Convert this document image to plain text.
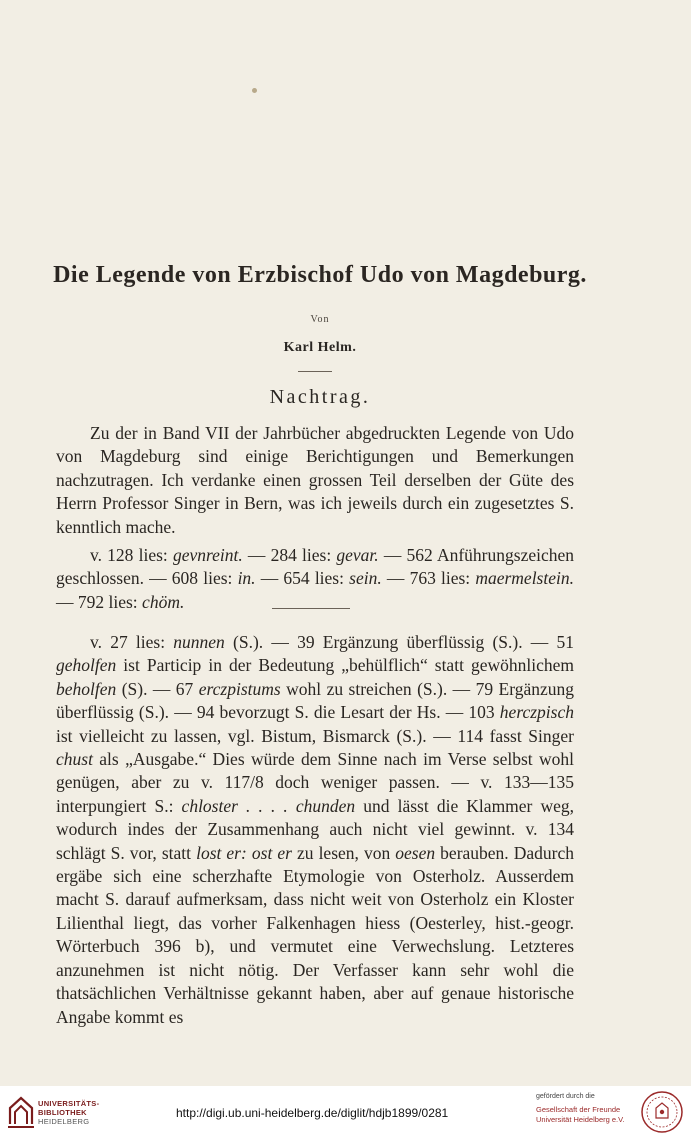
Die Legende von Erzbischof Udo von Magdeburg.
Von
Karl Helm.
Nachtrag.
Zu der in Band VII der Jahrbücher abgedruckten Legende von Udo von Magdeburg sind einige Berichtigungen und Bemerkungen nachzutragen. Ich verdanke einen grossen Teil derselben der Güte des Herrn Professor Singer in Bern, was ich jeweils durch ein zugesetztes S. kenntlich mache.
v. 128 lies: gevnreint. — 284 lies: gevar. — 562 Anführungszeichen geschlossen. — 608 lies: in. — 654 lies: sein. — 763 lies: maermelstein. — 792 lies: chöm.
v. 27 lies: nunnen (S.). — 39 Ergänzung überflüssig (S.). — 51 geholfen ist Particip in der Bedeutung „behülflich“ statt gewöhnlichem beholfen (S). — 67 erczpistums wohl zu streichen (S.). — 79 Ergänzung überflüssig (S.). — 94 bevorzugt S. die Lesart der Hs. — 103 herczpisch ist vielleicht zu lassen, vgl. Bistum, Bismarck (S.). — 114 fasst Singer chust als „Ausgabe.“ Dies würde dem Sinne nach im Verse selbst wohl genügen, aber zu v. 117/8 doch weniger passen. — v. 133—135 interpungiert S.: chloster . . . . chunden und lässt die Klammer weg, wodurch indes der Zusammenhang auch nicht viel gewinnt. v. 134 schlägt S. vor, statt lost er: ost er zu lesen, von oesen berauben. Dadurch ergäbe sich eine scherzhafte Etymologie von Osterholz. Ausserdem macht S. darauf aufmerksam, dass nicht weit von Osterholz ein Kloster Lilienthal liegt, das vorher Falkenhagen hiess (Oesterley, hist.-geogr. Wörterbuch 396 b), und vermutet eine Verwechslung. Letzteres anzunehmen ist nicht nötig. Der Verfasser kann sehr wohl die thatsächlichen Verhältnisse gekannt haben, aber auf genaue historische Angabe kommt es
UNIVERSITÄTS-
BIBLIOTHEK
HEIDELBERG
http://digi.ub.uni-heidelberg.de/diglit/hdjb1899/0281
gefördert durch die
Gesellschaft der Freunde
Universität Heidelberg e.V.
